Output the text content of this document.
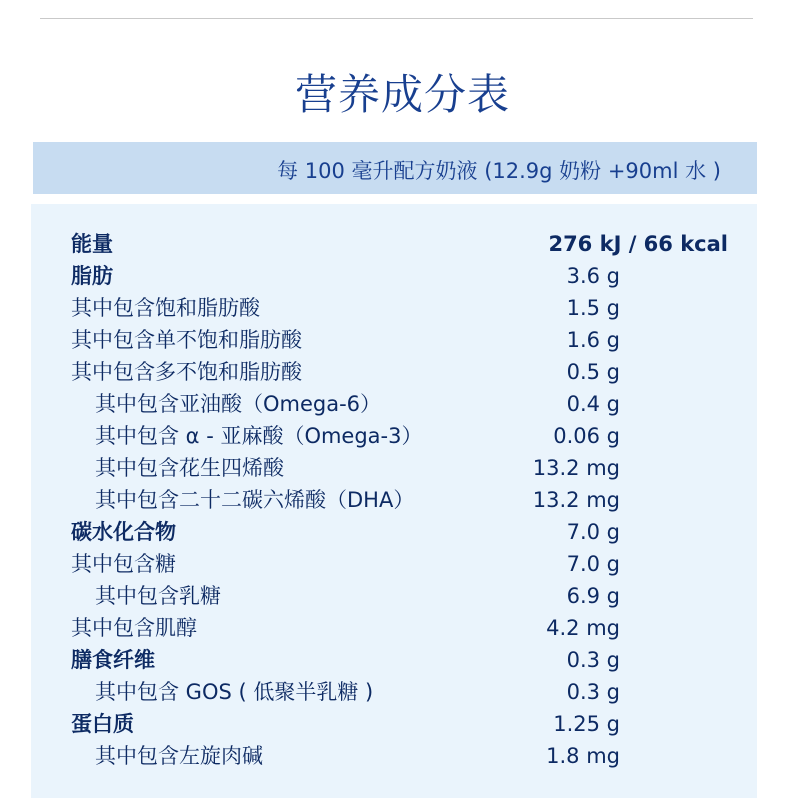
营养成分表
每 100 毫升配方奶液 (12.9g 奶粉 +90ml 水 )
能量	276 kJ / 66 kcal
脂肪	3.6 g
其中包含饱和脂肪酸	1.5 g
其中包含单不饱和脂肪酸	1.6 g
其中包含多不饱和脂肪酸	0.5 g
其中包含亚油酸（Omega-6）	0.4 g
其中包含 α - 亚麻酸（Omega-3）	0.06 g
其中包含花生四烯酸	13.2 mg
其中包含二十二碳六烯酸（DHA）	13.2 mg
碳水化合物	7.0 g
其中包含糖	7.0 g
其中包含乳糖	6.9 g
其中包含肌醇	4.2 mg
膳食纤维	0.3 g
其中包含 GOS ( 低聚半乳糖 )	0.3 g
蛋白质	1.25 g
其中包含左旋肉碱	1.8 mg
